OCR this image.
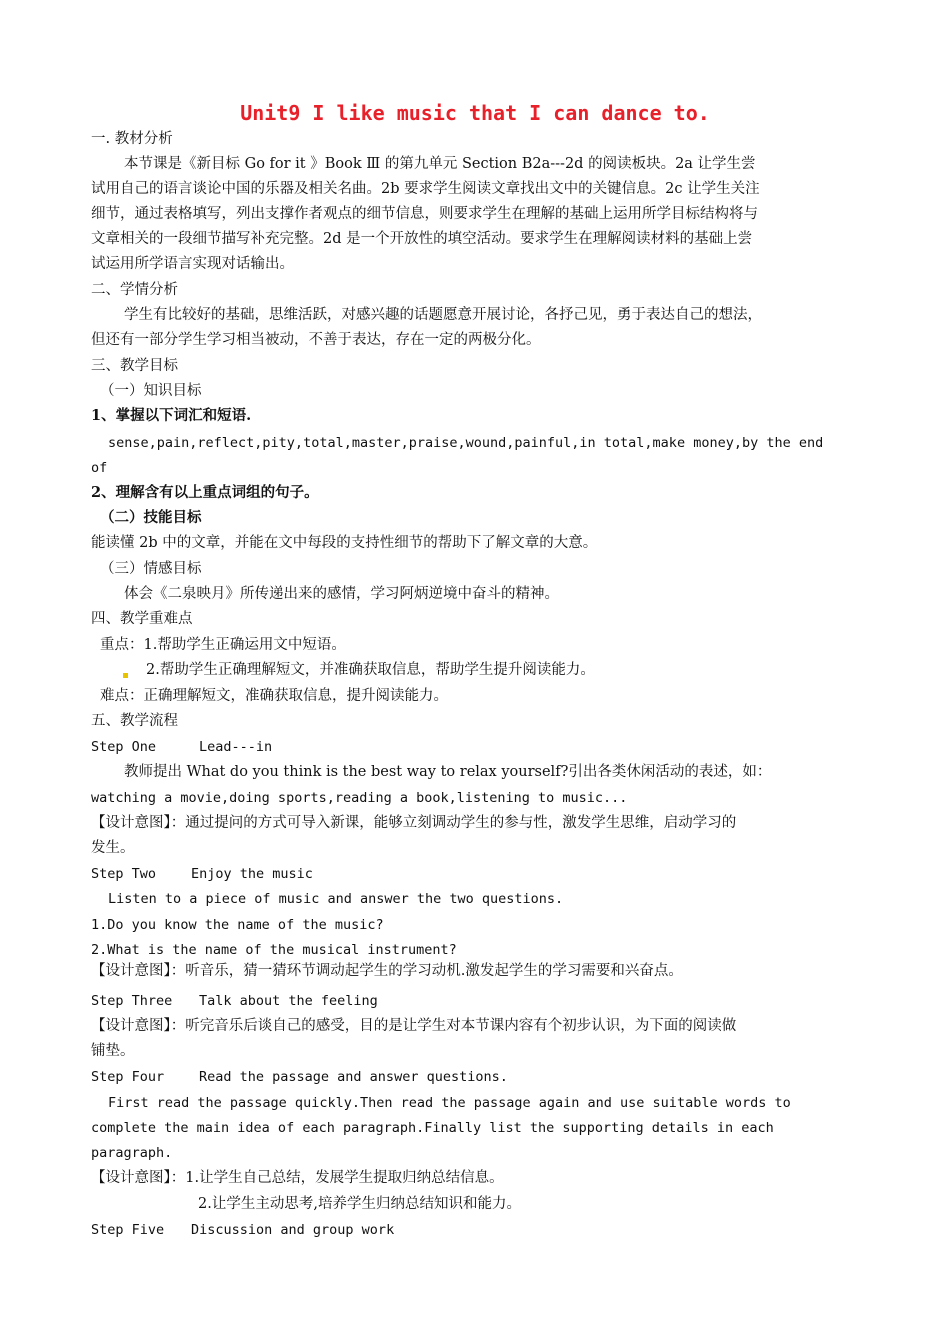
Unit9 I like music that I can dance to.
一. 教材分析
本节课是《新目标 Go for it 》Book Ⅲ 的第九单元 Section B2a---2d 的阅读板块。2a 让学生尝
试用自己的语言谈论中国的乐器及相关名曲。2b 要求学生阅读文章找出文中的关键信息。2c 让学生关注
细节，通过表格填写，列出支撑作者观点的细节信息，则要求学生在理解的基础上运用所学目标结构将与
文章相关的一段细节描写补充完整。2d 是一个开放性的填空活动。要求学生在理解阅读材料的基础上尝
试运用所学语言实现对话输出。
二、学情分析
学生有比较好的基础，思维活跃，对感兴趣的话题愿意开展讨论，各抒己见，勇于表达自己的想法，
但还有一部分学生学习相当被动，不善于表达，存在一定的两极分化。
三、教学目标
（一）知识目标
1、掌握以下词汇和短语.
sense,pain,reflect,pity,total,master,praise,wound,painful,in total,make money,by the end
of
2、理解含有以上重点词组的句子。
（二）技能目标
能读懂 2b 中的文章，并能在文中每段的支持性细节的帮助下了解文章的大意。
（三）情感目标
体会《二泉映月》所传递出来的感情，学习阿炳逆境中奋斗的精神。
四、教学重难点
重点：1.帮助学生正确运用文中短语。
2.帮助学生正确理解短文，并准确获取信息，帮助学生提升阅读能力。
难点：正确理解短文，准确获取信息，提升阅读能力。
五、教学流程
Step One	Lead---in
教师提出 What do you think is the best way to relax yourself?引出各类休闲活动的表述，如：
watching a movie,doing sports,reading a book,listening to music...
【设计意图】：通过提问的方式可导入新课，能够立刻调动学生的参与性，激发学生思维，启动学习的
发生。
Step Two	Enjoy the music
Listen to a piece of music and answer the two questions.
1.Do you know the name of the music?
2.What is the name of the musical instrument?
【设计意图】：听音乐，猜一猜环节调动起学生的学习动机.激发起学生的学习需要和兴奋点。
Step Three	Talk about the feeling
【设计意图】：听完音乐后谈自己的感受，目的是让学生对本节课内容有个初步认识，为下面的阅读做
铺垫。
Step Four	Read the passage and answer questions.
First read the passage quickly.Then read the passage again and use suitable words to
complete the main idea of each paragraph.Finally list the supporting details in each
paragraph.
【设计意图】：1.让学生自己总结，发展学生提取归纳总结信息。
2.让学生主动思考,培养学生归纳总结知识和能力。
Step Five	Discussion and group work
